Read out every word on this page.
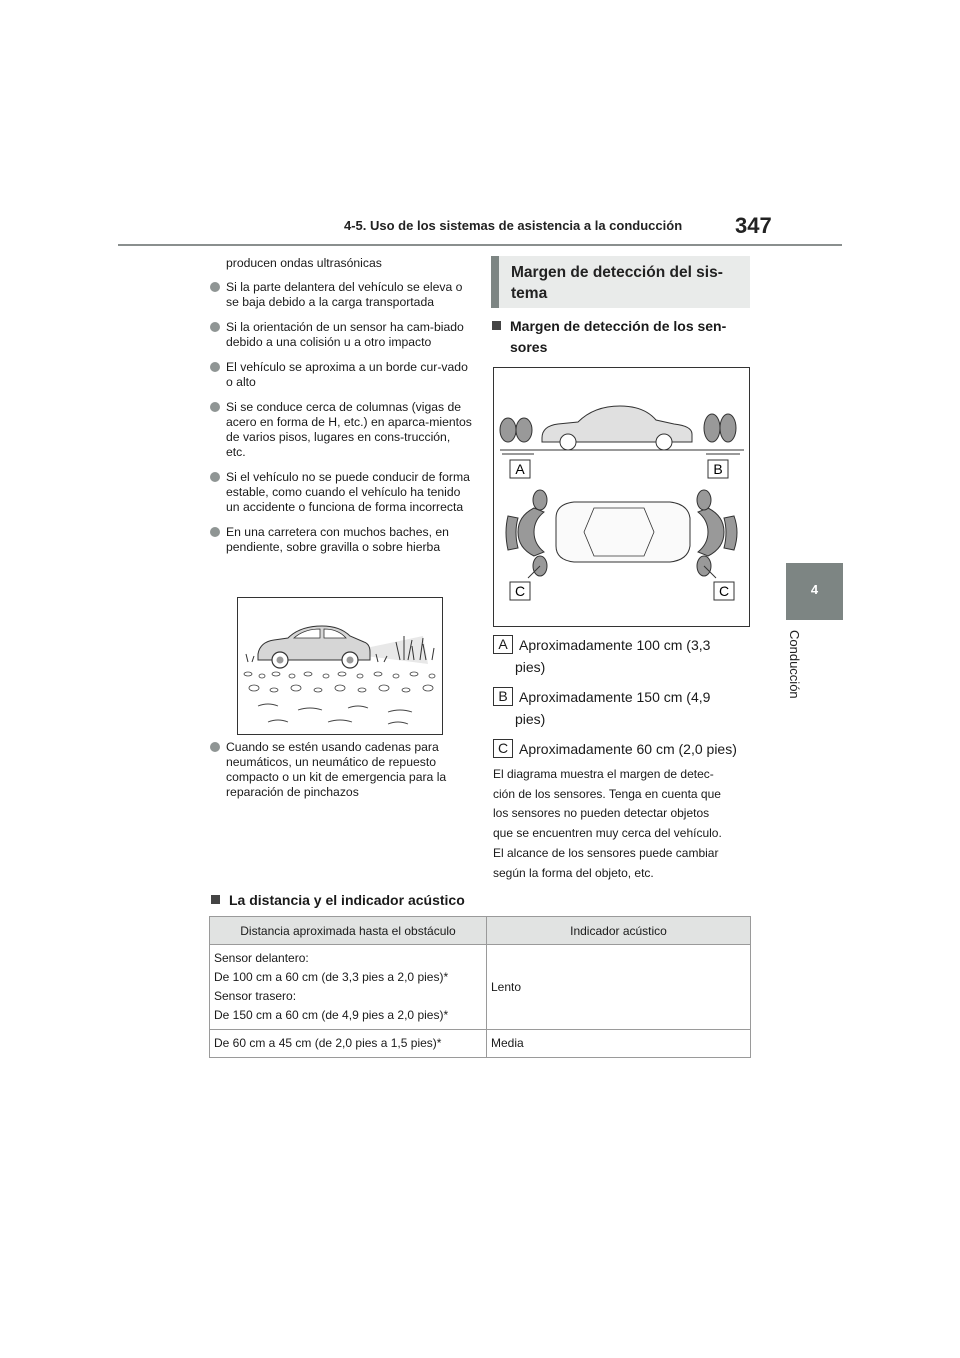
4-5. Uso de los sistemas de asistencia a la conducción 347
4
Conducción
producen ondas ultrasónicas
Si la parte delantera del vehículo se eleva o se baja debido a la carga transportada
Si la orientación de un sensor ha cam-biado debido a una colisión u a otro impacto
El vehículo se aproxima a un borde cur-vado o alto
Si se conduce cerca de columnas (vigas de acero en forma de H, etc.) en aparca-mientos de varios pisos, lugares en cons-trucción, etc.
Si el vehículo no se puede conducir de forma estable, como cuando el vehículo ha tenido un accidente o funciona de forma incorrecta
En una carretera con muchos baches, en pendiente, sobre gravilla o sobre hierba
Cuando se estén usando cadenas para neumáticos, un neumático de repuesto compacto o un kit de emergencia para la reparación de pinchazos
Margen de detección del sis-
tema
Margen de detección de los sen-
sores
A	B
C	C
A Aproximadamente 100 cm (3,3
pies)
B Aproximadamente 150 cm (4,9
pies)
C Aproximadamente 60 cm (2,0 pies)
El diagrama muestra el margen de detec-
ción de los sensores. Tenga en cuenta que
los sensores no pueden detectar objetos
que se encuentren muy cerca del vehículo.
El alcance de los sensores puede cambiar
según la forma del objeto, etc.
La distancia y el indicador acústico
Distancia aproximada hasta el obstáculo	Indicador acústico

Sensor delantero:
De 100 cm a 60 cm (de 3,3 pies a 2,0 pies)*
Sensor trasero:
De 150 cm a 60 cm (de 4,9 pies a 2,0 pies)*	Lento
De 60 cm a 45 cm (de 2,0 pies a 1,5 pies)*	Media
